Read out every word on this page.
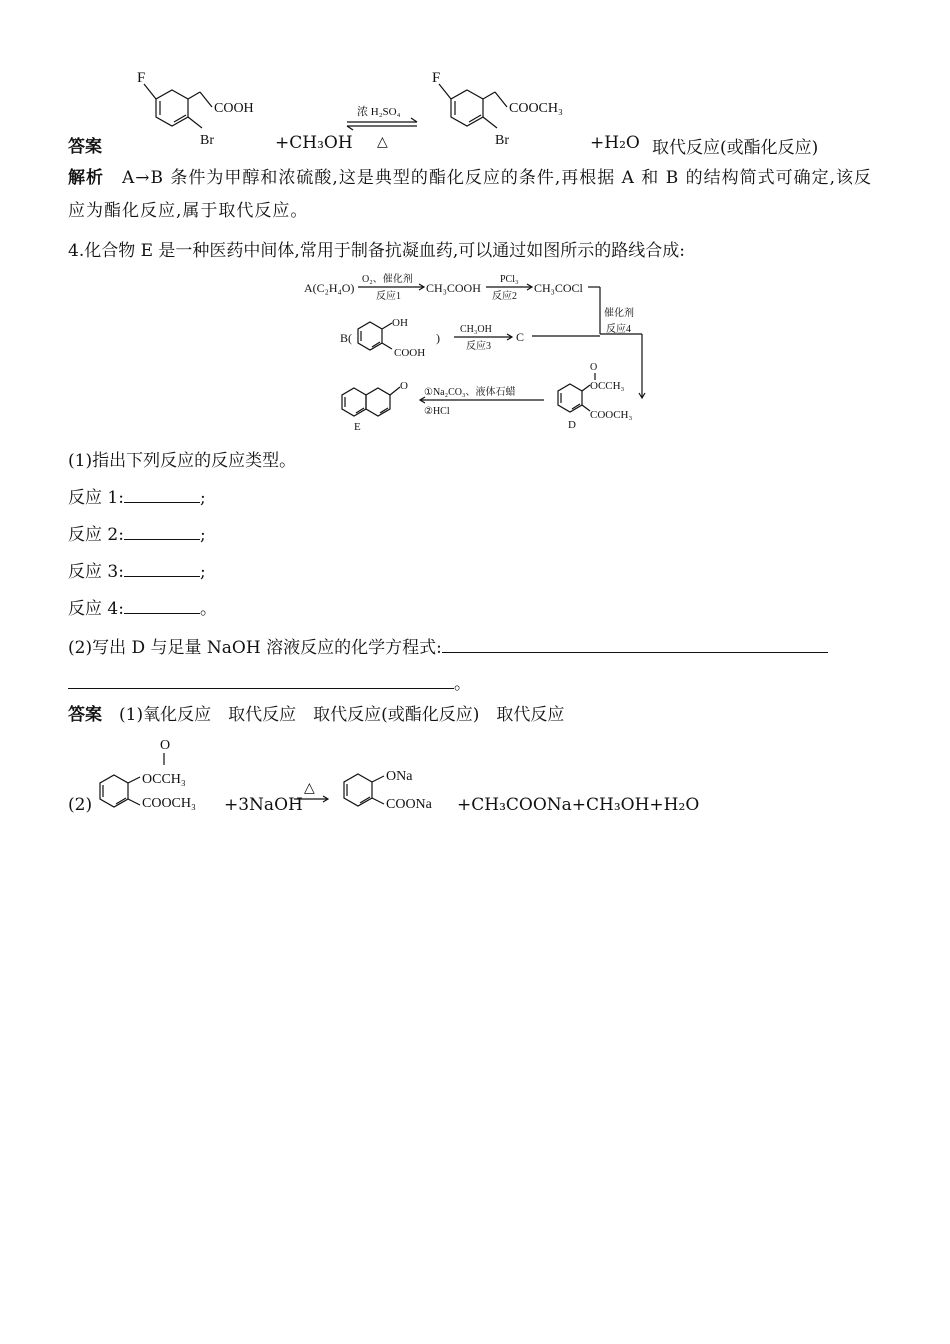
答案
F
COOH
Br	+CH₃OH
浓 H₂SO₄
△
F
COOCH₃
Br	+H₂O 取代反应(或酯化反应)
解析　 A→B 条件为甲醇和浓硫酸,这是典型的酯化反应的条件,再根据 A 和 B 的结构简式可确定,该反应为酯化反应,属于取代反应。
4.化合物 E 是一种医药中间体,常用于制备抗凝血药,可以通过如图所示的路线合成:
A(C₂H₄O)
O₂、催化剂
反应1
CH₃COOH
PCl₃
反应2
CH₃COCl
催化剂
反应4
B(
OH
COOH
)
CH₃OH
反应3
C
O
E
①Na₂CO₃、液体石蜡
②HCl
O
OCCH₃
COOCH₃
D
(1)指出下列反应的反应类型。
反应 1:	;
反应 2:	;
反应 3:	;
反应 4:	。
(2)写出 D 与足量 NaOH 溶液反应的化学方程式:
。
答案　 (1)氧化反应　取代反应　取代反应(或酯化反应)　取代反应
(2)
O
OCCH₃
COOCH₃ +3NaOH
△
ONa
COONa +CH₃COONa+CH₃OH+H₂O
